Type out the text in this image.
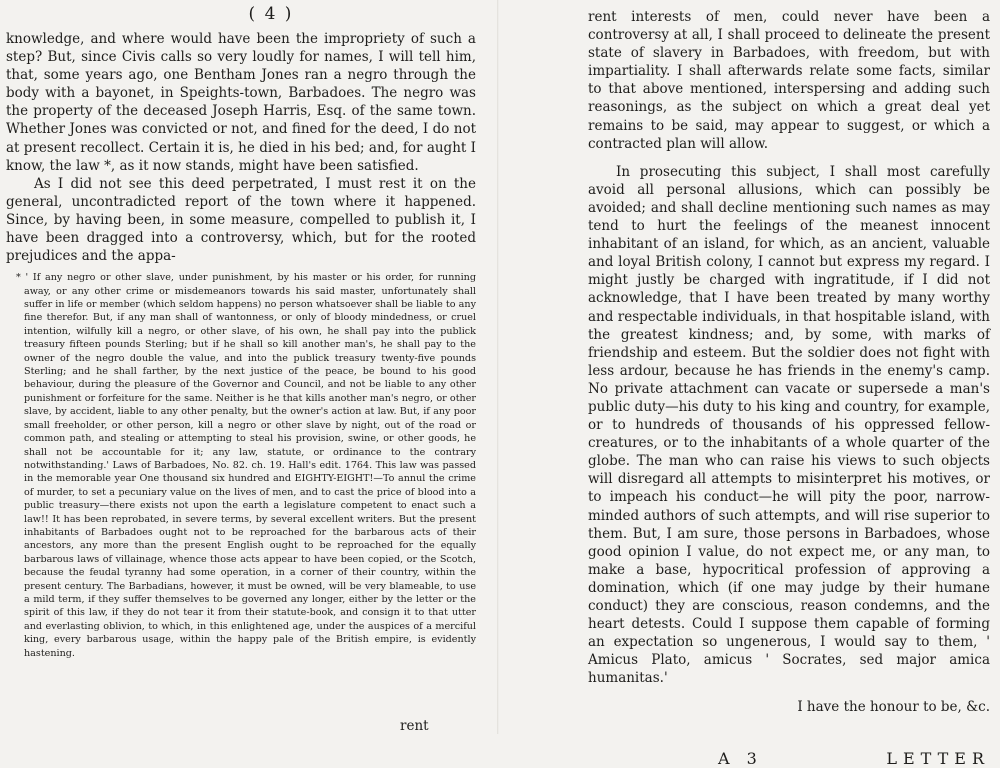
( 4 )

knowledge, and where would have been the impropriety of such a step? But, since Civis calls so very loudly for names, I will tell him, that, some years ago, one Bentham Jones ran a negro through the body with a bayonet, in Speights-town, Barbadoes. The negro was the property of the deceased Joseph Harris, Esq. of the same town. Whether Jones was convicted or not, and fined for the deed, I do not at present recollect. Certain it is, he died in his bed; and, for aught I know, the law *, as it now stands, might have been satisfied.

As I did not see this deed perpetrated, I must rest it on the general, uncontradicted report of the town where it happened. Since, by having been, in some measure, compelled to publish it, I have been dragged into a controversy, which, but for the rooted prejudices and the appa-

* ' If any negro or other slave, under punishment, by his master or his order, for running away, or any other crime or misdemeanors towards his said master, unfortunately shall suffer in life or member (which seldom happens) no person whatsoever shall be liable to any fine therefor. But, if any man shall of wantonness, or only of bloody mindedness, or cruel intention, wilfully kill a negro, or other slave, of his own, he shall pay into the publick treasury fifteen pounds Sterling; but if he shall so kill another man's, he shall pay to the owner of the negro double the value, and into the publick treasury twenty-five pounds Sterling; and he shall farther, by the next justice of the peace, be bound to his good behaviour, during the pleasure of the Governor and Council, and not be liable to any other punishment or forfeiture for the same. Neither is he that kills another man's negro, or other slave, by accident, liable to any other penalty, but the owner's action at law. But, if any poor small freeholder, or other person, kill a negro or other slave by night, out of the road or common path, and stealing or attempting to steal his provision, swine, or other goods, he shall not be accountable for it; any law, statute, or ordinance to the contrary notwithstanding.' Laws of Barbadoes, No. 82. ch. 19. Hall's edit. 1764. This law was passed in the memorable year One thousand six hundred and EIGHTY-EIGHT!—To annul the crime of murder, to set a pecuniary value on the lives of men, and to cast the price of blood into a public treasury—there exists not upon the earth a legislature competent to enact such a law!! It has been reprobated, in severe terms, by several excellent writers. But the present inhabitants of Barbadoes ought not to be reproached for the barbarous acts of their ancestors, any more than the present English ought to be reproached for the equally barbarous laws of villainage, whence those acts appear to have been copied, or the Scotch, because the feudal tyranny had some operation, in a corner of their country, within the present century. The Barbadians, however, it must be owned, will be very blameable, to use a mild term, if they suffer themselves to be governed any longer, either by the letter or the spirit of this law, if they do not tear it from their statute-book, and consign it to that utter and everlasting oblivion, to which, in this enlightened age, under the auspices of a merciful king, every barbarous usage, within the happy pale of the British empire, is evidently hastening.

rent

rent interests of men, could never have been a controversy at all, I shall proceed to delineate the present state of slavery in Barbadoes, with freedom, but with impartiality. I shall afterwards relate some facts, similar to that above mentioned, interspersing and adding such reasonings, as the subject on which a great deal yet remains to be said, may appear to suggest, or which a contracted plan will allow.

In prosecuting this subject, I shall most carefully avoid all personal allusions, which can possibly be avoided; and shall decline mentioning such names as may tend to hurt the feelings of the meanest innocent inhabitant of an island, for which, as an ancient, valuable and loyal British colony, I cannot but express my regard. I might justly be charged with ingratitude, if I did not acknowledge, that I have been treated by many worthy and respectable individuals, in that hospitable island, with the greatest kindness; and, by some, with marks of friendship and esteem. But the soldier does not fight with less ardour, because he has friends in the enemy's camp. No private attachment can vacate or supersede a man's public duty—his duty to his king and country, for example, or to hundreds of thousands of his oppressed fellow-creatures, or to the inhabitants of a whole quarter of the globe. The man who can raise his views to such objects will disregard all attempts to misinterpret his motives, or to impeach his conduct—he will pity the poor, narrow-minded authors of such attempts, and will rise superior to them. But, I am sure, those persons in Barbadoes, whose good opinion I value, do not expect me, or any man, to make a base, hypocritical profession of approving a domination, which (if one may judge by their humane conduct) they are conscious, reason condemns, and the heart detests. Could I suppose them capable of forming an expectation so ungenerous, I would say to them, ' Amicus Plato, amicus ' Socrates, sed major amica humanitas.'

I have the honour to be, &c.

A 3	LETTER
